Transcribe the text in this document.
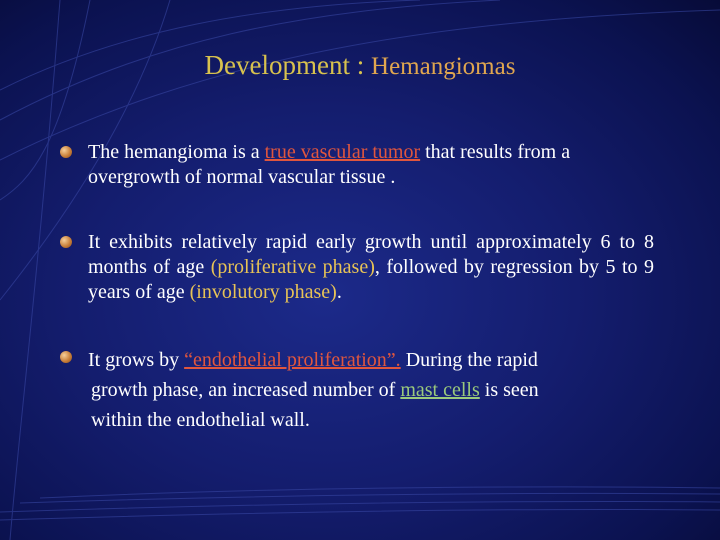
Development : Hemangiomas
The hemangioma is a true vascular tumor that results from a overgrowth of normal vascular tissue .
It exhibits relatively rapid early growth until approximately 6 to 8 months of age (proliferative phase), followed by regression by 5 to 9 years of age (involutory phase).
It grows by “endothelial proliferation”. During the rapid
growth phase, an increased number of mast cells is seen
within the endothelial wall.
